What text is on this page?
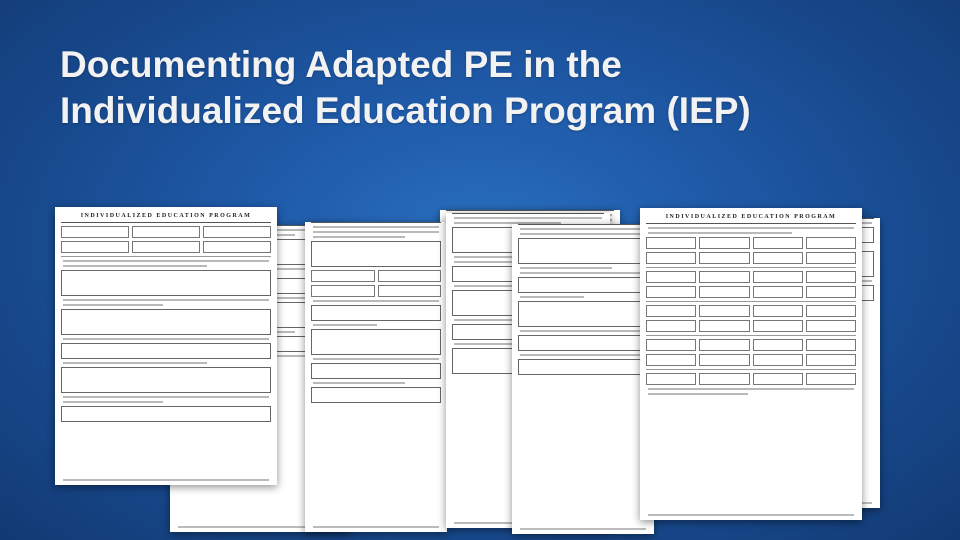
Documenting Adapted PE in the
Individualized Education Program (IEP)
INDIVIDUALIZED EDUCATION PROGRAM	INDIVIDUALIZED EDUCATION PROGRAM
